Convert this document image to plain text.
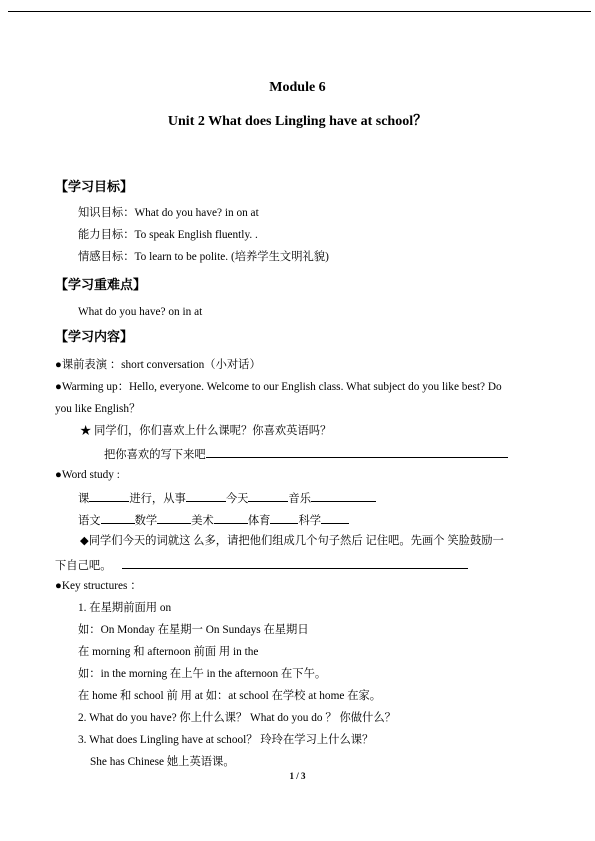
Module 6
Unit 2 What does Lingling have at school？
【学习目标】
知识目标：What do you have? in on at
能力目标：To speak English fluently. .
情感目标：To learn to be polite. (培养学生文明礼貌)
【学习重难点】
What do you have? on in at
【学习内容】
●课前表演 ：short conversation（小对话）
●Warming up：Hello, everyone. Welcome to our English class. What subject do you like best? Do
you like English？
★ 同学们，你们喜欢上什么课呢？你喜欢英语吗？
把你喜欢的写下来吧
●Word study :
课	进行，从事	今天	音乐
语文	数学	美术	体育 科学
◆同学们今天的词就这 么多，请把他们组成几个句子然后 记住吧。先画个 笑脸鼓励一
下自己吧。
●Key structures ：
1. 在星期前面用 on
如：On Monday 在星期一 On Sundays 在星期日
在 morning 和 afternoon 前面 用 in the
如：in the morning 在上午 in the afternoon 在下午。
在 home 和 school 前 用 at 如：at school 在学校 at home 在家。
2. What do you have? 你上什么课？ What do you do ？ 你做什么？
3. What does Lingling have at school？ 玲玲在学习上什么课？
She has Chinese 她上英语课。
1 / 3
